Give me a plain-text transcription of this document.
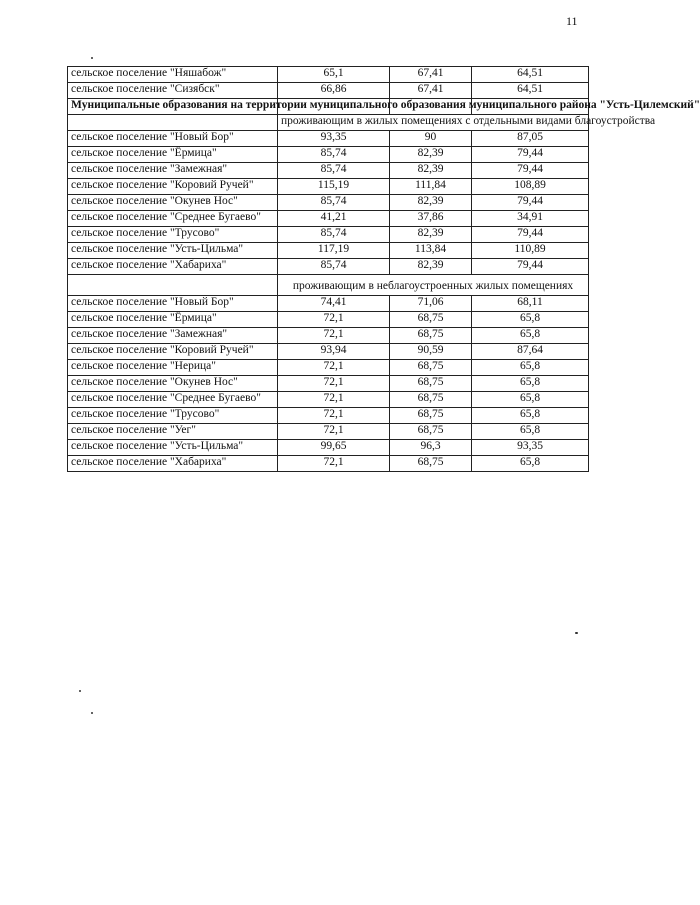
11
сельское поселение "Няшабож"	65,1	67,41	64,51
сельское поселение "Сизябск"	66,86	67,41	64,51
Муниципальные образования на территории муниципального образования муниципального района "Усть-Цилемский"			
	проживающим в жилых помещениях с отдельными видами благоустройства		
сельское поселение "Новый Бор"	93,35	90	87,05
сельское поселение "Ёрмица"	85,74	82,39	79,44
сельское поселение "Замежная"	85,74	82,39	79,44
сельское поселение "Коровий Ручей"	115,19	111,84	108,89
сельское поселение "Окунев Нос"	85,74	82,39	79,44
сельское поселение "Среднее Бугаево"	41,21	37,86	34,91
сельское поселение "Трусово"	85,74	82,39	79,44
сельское поселение "Усть-Цильма"	117,19	113,84	110,89
сельское поселение "Хабариха"	85,74	82,39	79,44
	проживающим в неблагоустроенных жилых помещениях		
сельское поселение "Новый Бор"	74,41	71,06	68,11
сельское поселение "Ёрмица"	72,1	68,75	65,8
сельское поселение "Замежная"	72,1	68,75	65,8
сельское поселение "Коровий Ручей"	93,94	90,59	87,64
сельское поселение "Нерица"	72,1	68,75	65,8
сельское поселение "Окунев Нос"	72,1	68,75	65,8
сельское поселение "Среднее Бугаево"	72,1	68,75	65,8
сельское поселение "Трусово"	72,1	68,75	65,8
сельское поселение "Уег"	72,1	68,75	65,8
сельское поселение "Усть-Цильма"	99,65	96,3	93,35
сельское поселение "Хабариха"	72,1	68,75	65,8
